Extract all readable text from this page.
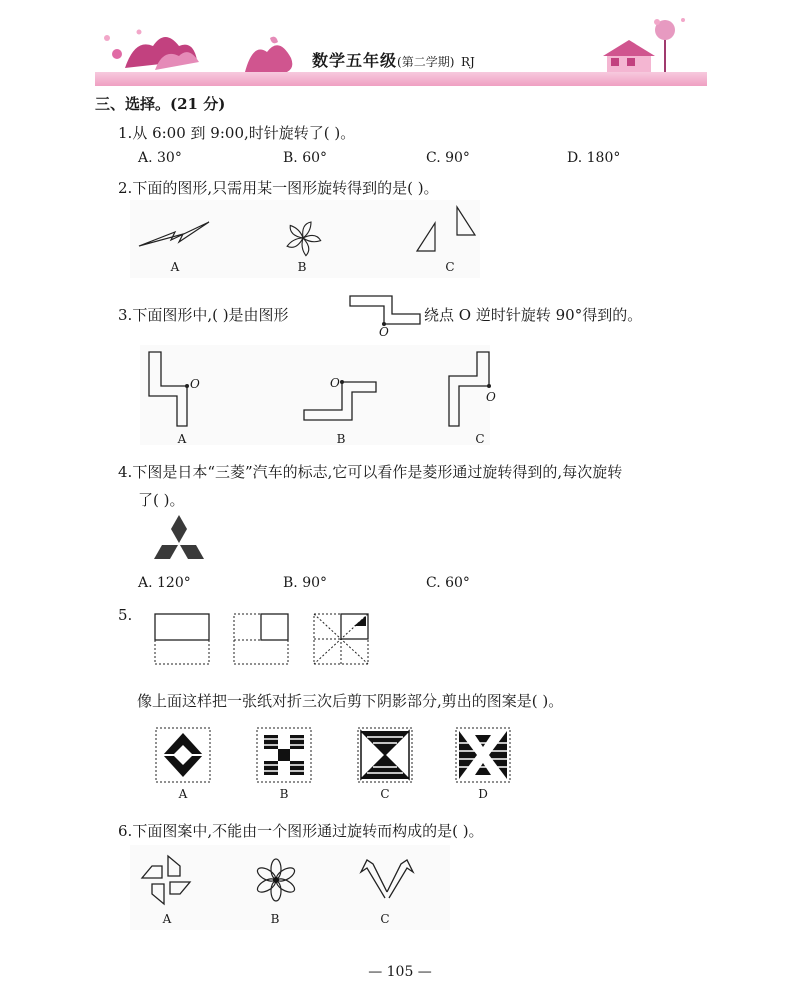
数学五年级(第二学期) RJ
三、选择。(21 分)
1.从 6:00 到 9:00,时针旋转了( )。
A. 30°	B. 60°	C. 90°	D. 180°
2.下面的图形,只需用某一图形旋转得到的是( )。
A	B	C
3.下面图形中,( )是由图形
O
绕点 O 逆时针旋转 90°得到的。
O	O
O
A	B	C
4.下图是日本“三菱”汽车的标志,它可以看作是菱形通过旋转得到的,每次旋转
了( )。
A. 120°	B. 90°	C. 60°
5.
像上面这样把一张纸对折三次后剪下阴影部分,剪出的图案是( )。
A	B	C	D
6.下面图案中,不能由一个图形通过旋转而构成的是( )。
A	B	C
— 105 —
